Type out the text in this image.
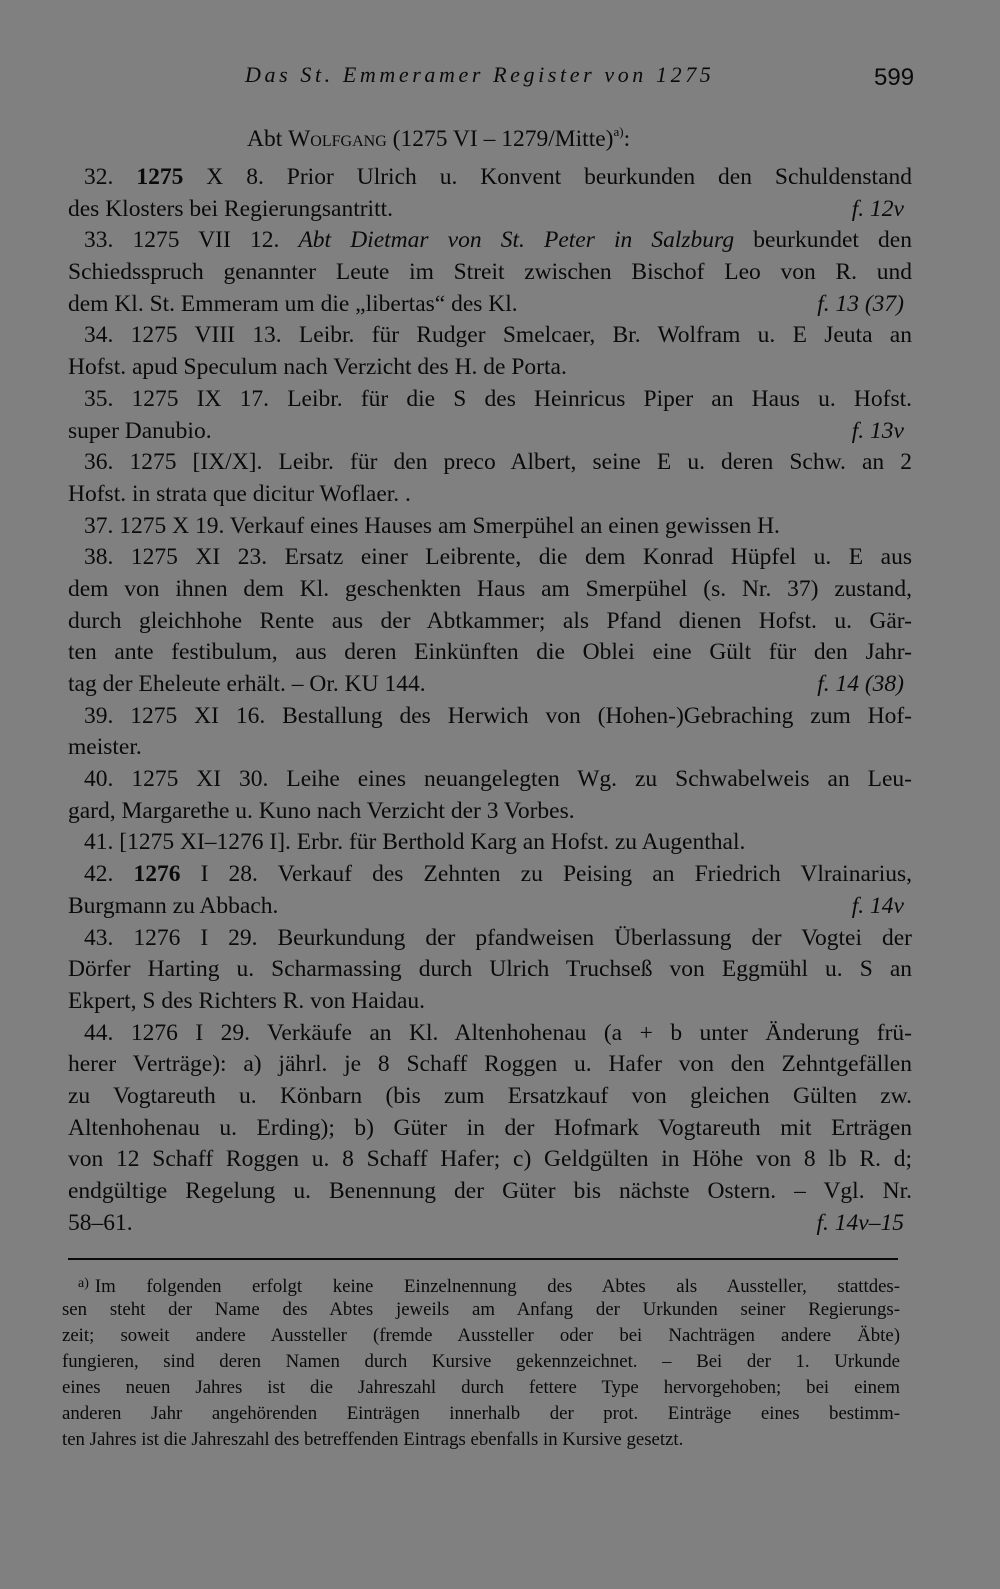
Das St. Emmeramer Register von 1275	599
Abt Wolfgang (1275 VI – 1279/Mitte)$^{a)}$:
32. 1275 X 8. Prior Ulrich u. Konvent beurkunden den Schuldenstand
des Klosters bei Regierungsantritt.	f. 12v
33. 1275 VII 12. Abt Dietmar von St. Peter in Salzburg beurkundet den
Schiedsspruch genannter Leute im Streit zwischen Bischof Leo von R. und
dem Kl. St. Emmeram um die „libertas“ des Kl.	f. 13 (37)
34. 1275 VIII 13. Leibr. für Rudger Smelcaer, Br. Wolfram u. E Jeuta an
Hofst. apud Speculum nach Verzicht des H. de Porta.
35. 1275 IX 17. Leibr. für die S des Heinricus Piper an Haus u. Hofst.
super Danubio.	f. 13v
36. 1275 [IX/X]. Leibr. für den preco Albert, seine E u. deren Schw. an 2
Hofst. in strata que dicitur Woflaer. .
37. 1275 X 19. Verkauf eines Hauses am Smerpühel an einen gewissen H.
38. 1275 XI 23. Ersatz einer Leibrente, die dem Konrad Hüpfel u. E aus
dem von ihnen dem Kl. geschenkten Haus am Smerpühel (s. Nr. 37) zustand,
durch gleichhohe Rente aus der Abtkammer; als Pfand dienen Hofst. u. Gär-
ten ante festibulum, aus deren Einkünften die Oblei eine Gült für den Jahr-
tag der Eheleute erhält. – Or. KU 144.	f. 14 (38)
39. 1275 XI 16. Bestallung des Herwich von (Hohen-)Gebraching zum Hof-
meister.
40. 1275 XI 30. Leihe eines neuangelegten Wg. zu Schwabelweis an Leu-
gard, Margarethe u. Kuno nach Verzicht der 3 Vorbes.
41. [1275 XI–1276 I]. Erbr. für Berthold Karg an Hofst. zu Augenthal.
42. 1276 I 28. Verkauf des Zehnten zu Peising an Friedrich Vlrainarius,
Burgmann zu Abbach.	f. 14v
43. 1276 I 29. Beurkundung der pfandweisen Überlassung der Vogtei der
Dörfer Harting u. Scharmassing durch Ulrich Truchseß von Eggmühl u. S an
Ekpert, S des Richters R. von Haidau.
44. 1276 I 29. Verkäufe an Kl. Altenhohenau (a + b unter Änderung frü-
herer Verträge): a) jährl. je 8 Schaff Roggen u. Hafer von den Zehntgefällen
zu Vogtareuth u. Könbarn (bis zum Ersatzkauf von gleichen Gülten zw.
Altenhohenau u. Erding); b) Güter in der Hofmark Vogtareuth mit Erträgen
von 12 Schaff Roggen u. 8 Schaff Hafer; c) Geldgülten in Höhe von 8 lb R. d;
endgültige Regelung u. Benennung der Güter bis nächste Ostern. – Vgl. Nr.
58–61.	f. 14v–15
$^{a)}$ Im folgenden erfolgt keine Einzelnennung des Abtes als Aussteller, stattdes-
sen steht der Name des Abtes jeweils am Anfang der Urkunden seiner Regierungs-
zeit; soweit andere Aussteller (fremde Aussteller oder bei Nachträgen andere Äbte)
fungieren, sind deren Namen durch Kursive gekennzeichnet. – Bei der 1. Urkunde
eines neuen Jahres ist die Jahreszahl durch fettere Type hervorgehoben; bei einem
anderen Jahr angehörenden Einträgen innerhalb der prot. Einträge eines bestimm-
ten Jahres ist die Jahreszahl des betreffenden Eintrags ebenfalls in Kursive gesetzt.
